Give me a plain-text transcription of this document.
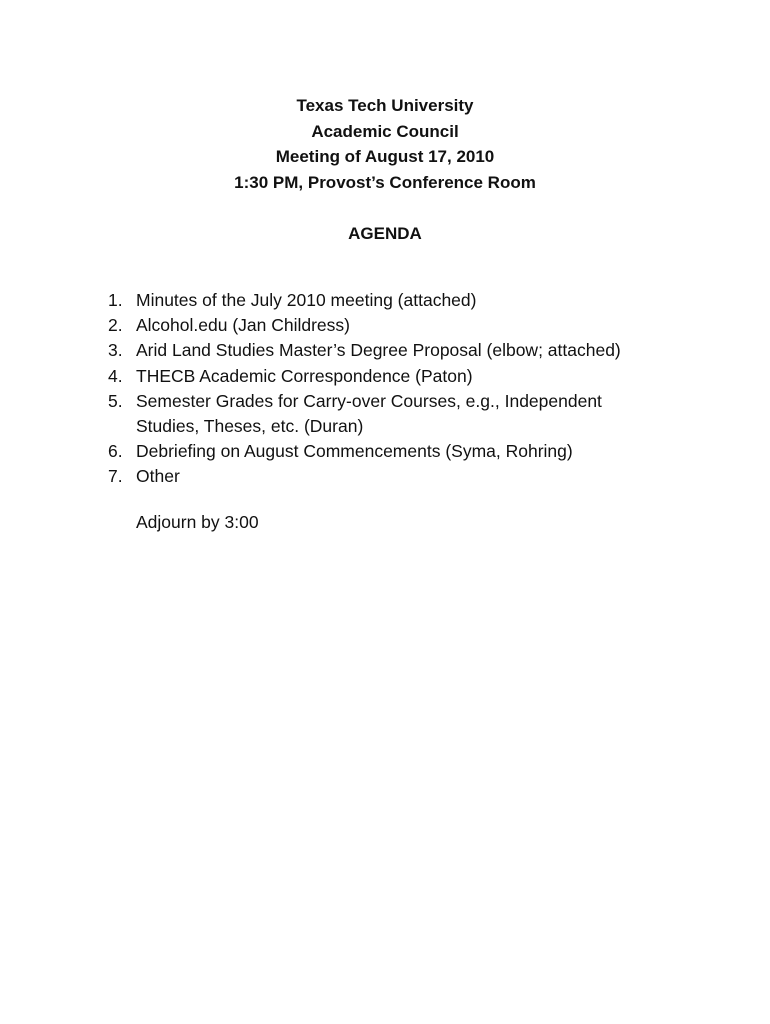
Texas Tech University
Academic Council
Meeting of August 17, 2010
1:30 PM, Provost’s Conference Room
AGENDA
1. Minutes of the July 2010 meeting (attached)
2. Alcohol.edu (Jan Childress)
3. Arid Land Studies Master’s Degree Proposal (elbow; attached)
4. THECB Academic Correspondence (Paton)
5. Semester Grades for Carry-over Courses, e.g., Independent
Studies, Theses, etc. (Duran)
6. Debriefing on August Commencements (Syma, Rohring)
7. Other
Adjourn by 3:00
